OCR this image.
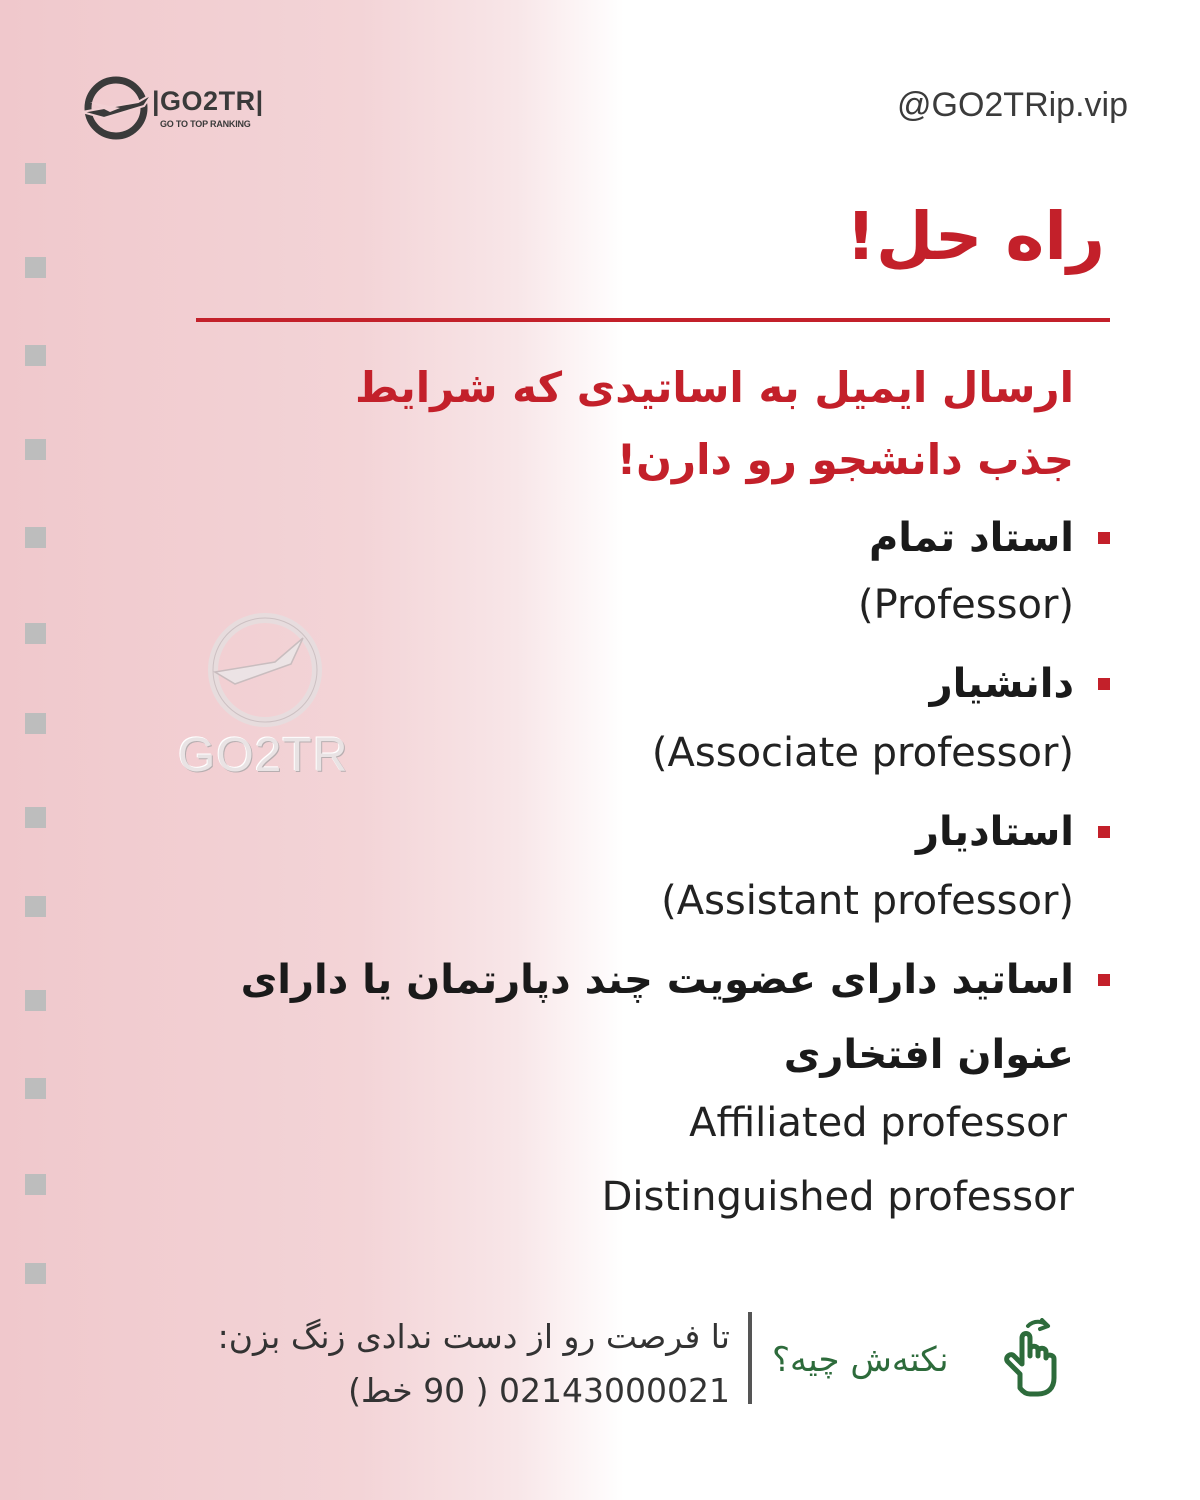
|GO2TR|
GO TO TOP RANKING	@GO2TRip.vip
راه حل!
ارسال ایمیل به اساتیدی که شرایط
جذب دانشجو رو دارن!
استاد تمام
(Professor)
دانشیار
(Associate professor)
استادیار
(Assistant professor)
اساتید دارای عضویت چند دپارتمان یا دارای
عنوان افتخاری
Affiliated professor
Distinguished professor
GO2TR
تا فرصت رو از دست ندادی زنگ بزن:
02143000021 ( 90 خط)
نکته‌ش چیه؟
